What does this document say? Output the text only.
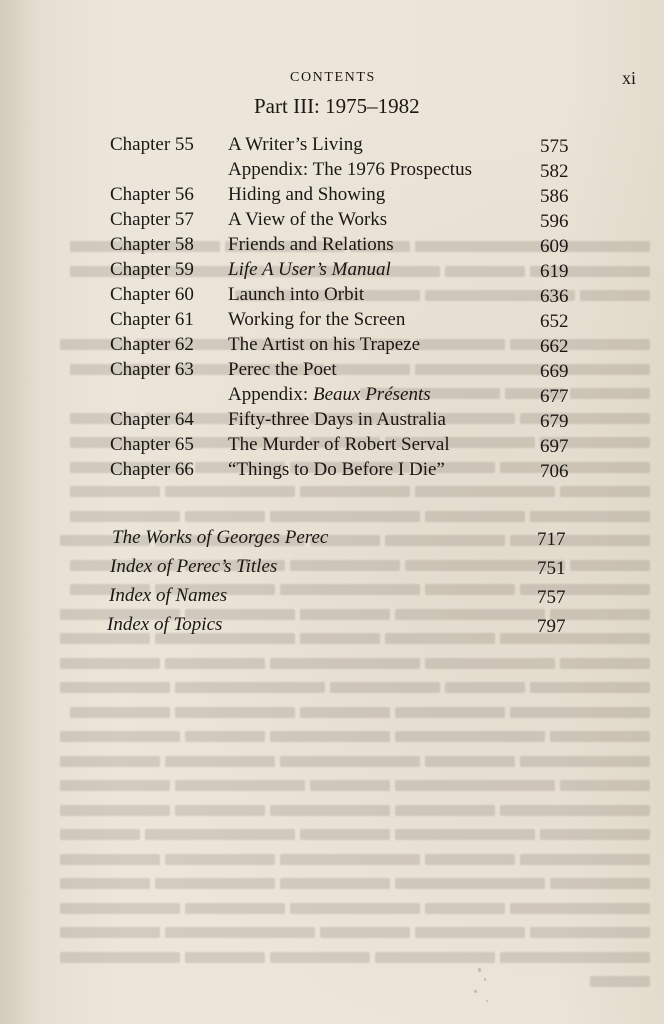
CONTENTS	xi
Part III: 1975–1982
Chapter 55 A Writer’s Living	575
Appendix: The 1976 Prospectus	582
Chapter 56 Hiding and Showing	586
Chapter 57 A View of the Works	596
Chapter 58 Friends and Relations	609
Chapter 59 Life A User’s Manual	619
Chapter 60 Launch into Orbit	636
Chapter 61 Working for the Screen	652
Chapter 62 The Artist on his Trapeze	662
Chapter 63 Perec the Poet	669
Appendix: Beaux Présents	677
Chapter 64 Fifty-three Days in Australia	679
Chapter 65 The Murder of Robert Serval	697
Chapter 66 “Things to Do Before I Die”	706
The Works of Georges Perec	717
Index of Perec’s Titles	751
Index of Names	757
Index of Topics	797
